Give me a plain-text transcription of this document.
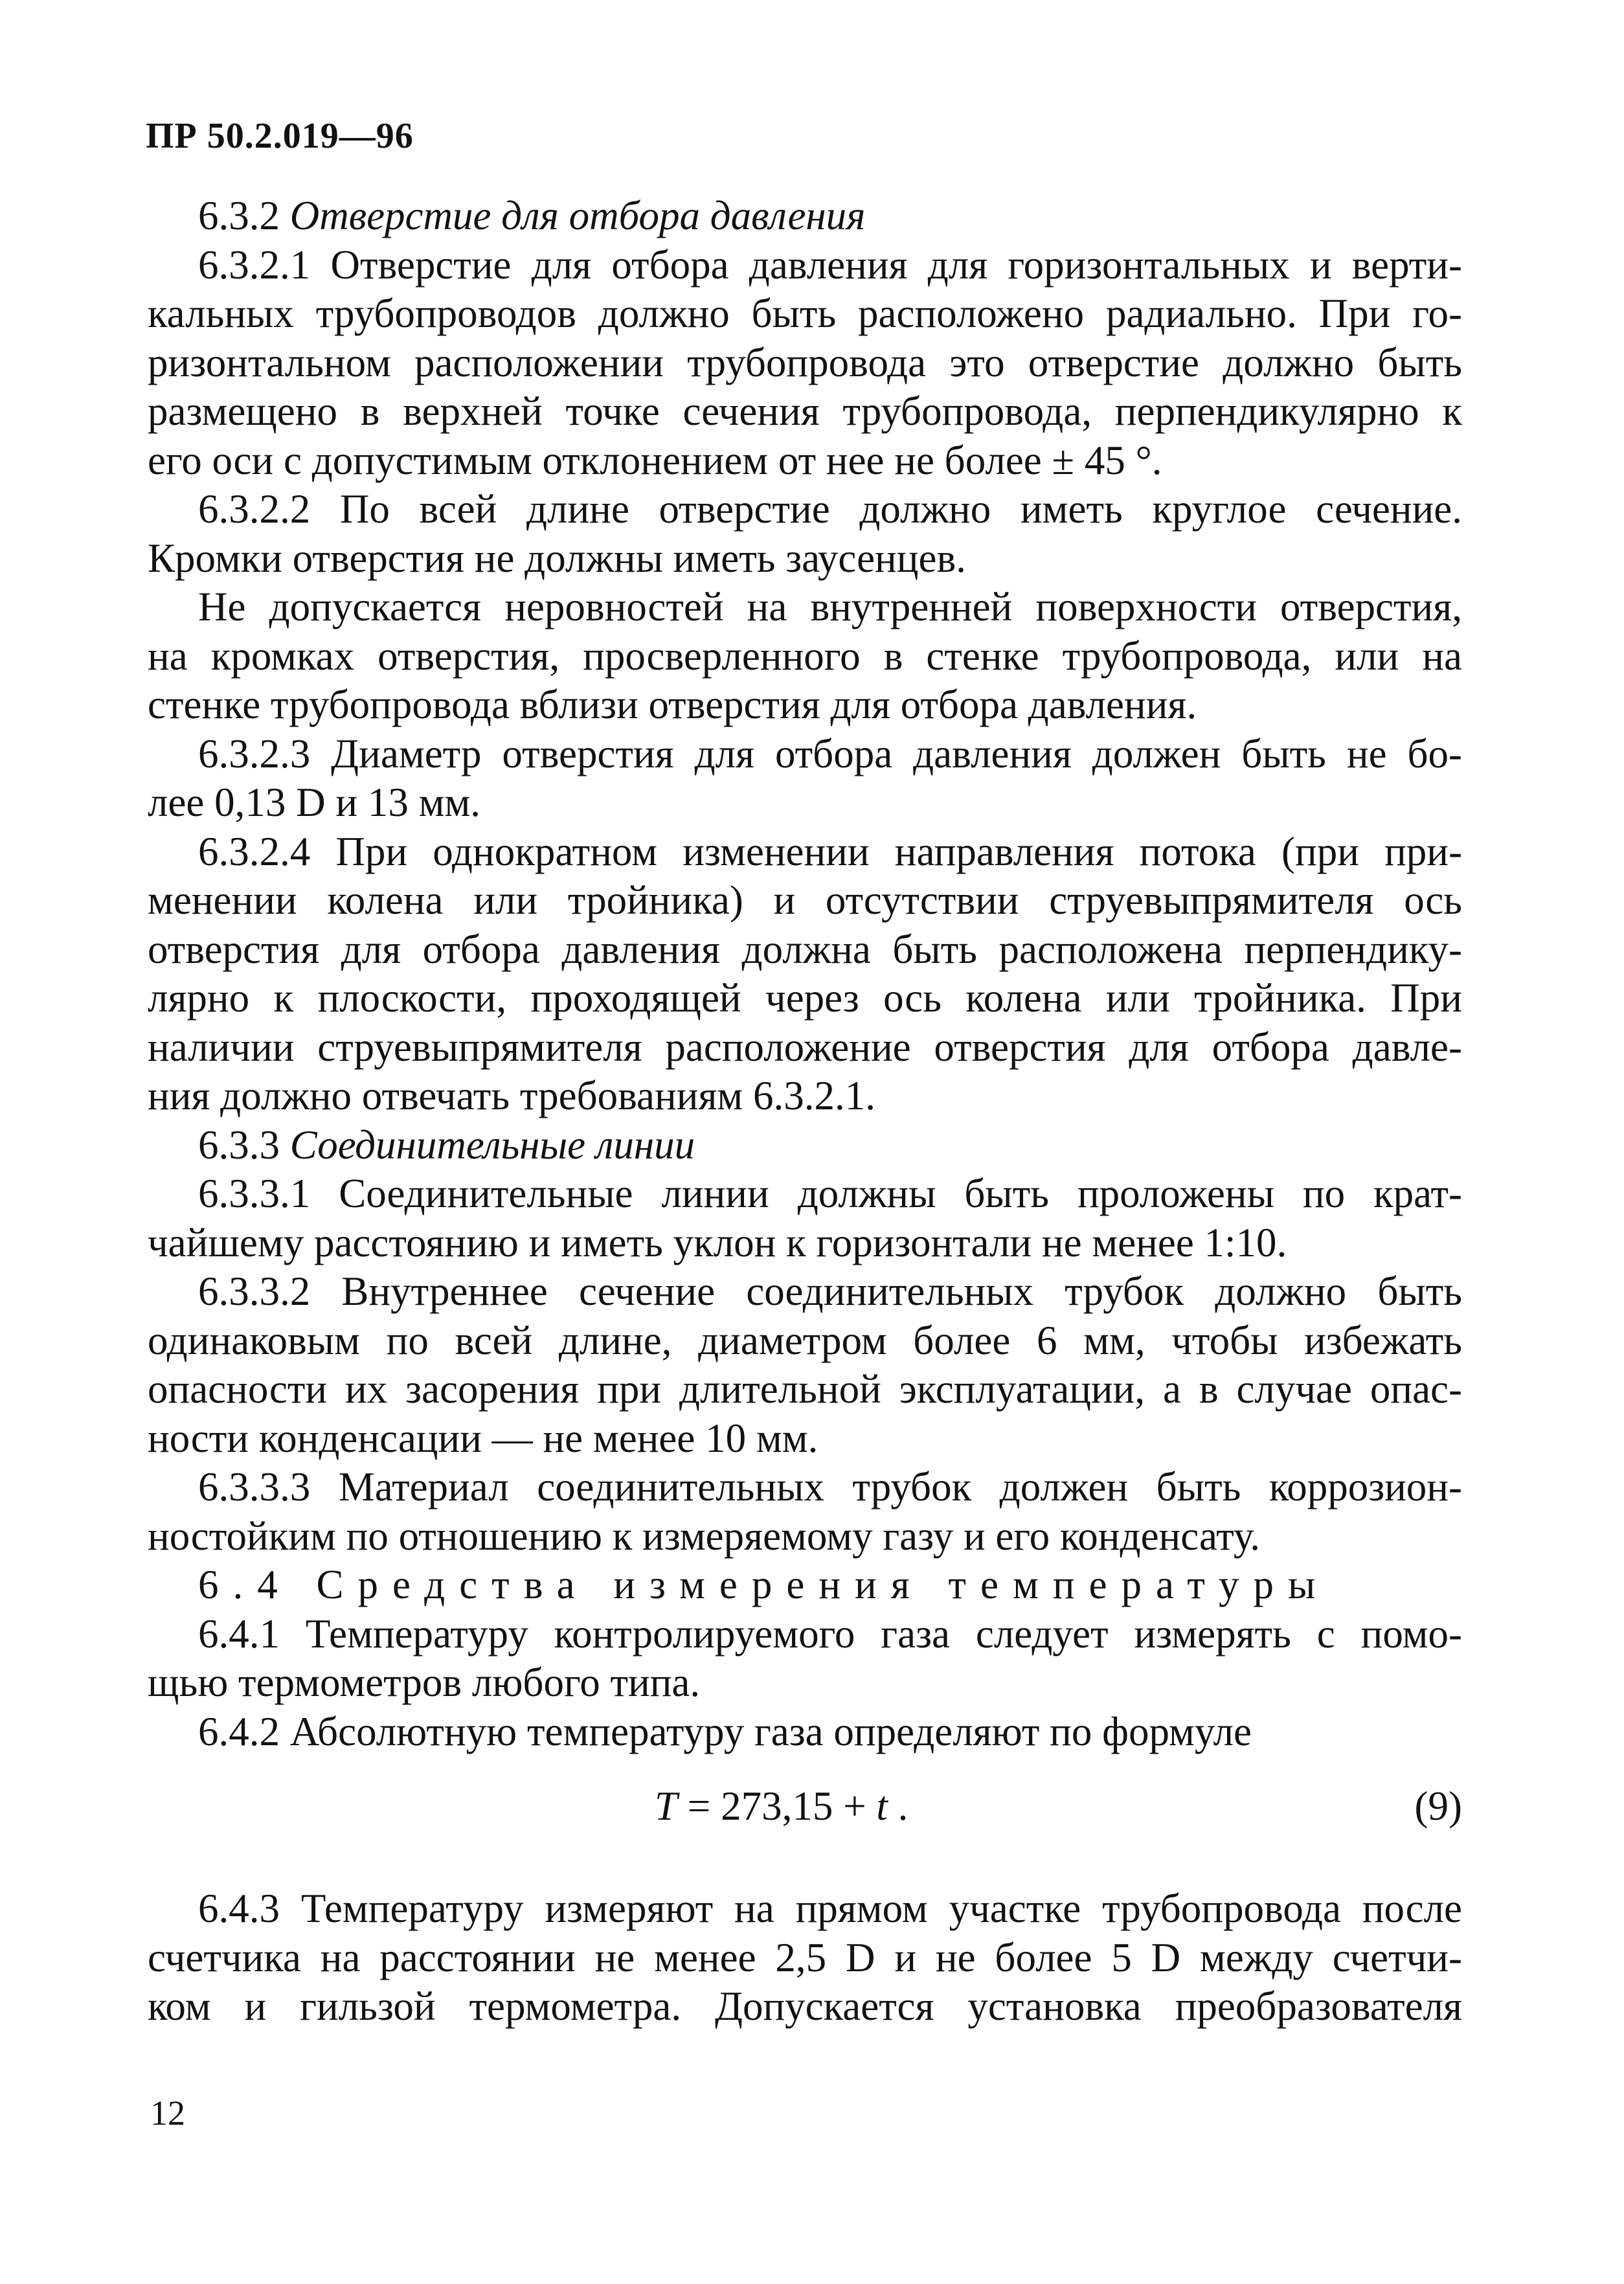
ПР 50.2.019—96

6.3.2 Отверстие для отбора давления

6.3.2.1 Отверстие для отбора давления для горизонтальных и верти-
кальных трубопроводов должно быть расположено радиально. При го-
ризонтальном расположении трубопровода это отверстие должно быть
размещено в верхней точке сечения трубопровода, перпендикулярно к
его оси с допустимым отклонением от нее не более ± 45 °.
6.3.2.2 По всей длине отверстие должно иметь круглое сечение.
Кромки отверстия не должны иметь заусенцев.
Не допускается неровностей на внутренней поверхности отверстия,
на кромках отверстия, просверленного в стенке трубопровода, или на
стенке трубопровода вблизи отверстия для отбора давления.
6.3.2.3 Диаметр отверстия для отбора давления должен быть не бо-
лее 0,13 D и 13 мм.
6.3.2.4 При однократном изменении направления потока (при при-
менении колена или тройника) и отсутствии струевыпрямителя ось
отверстия для отбора давления должна быть расположена перпендику-
лярно к плоскости, проходящей через ось колена или тройника. При
наличии струевыпрямителя расположение отверстия для отбора давле-
ния должно отвечать требованиям 6.3.2.1.

6.3.3 Соединительные линии

6.3.3.1 Соединительные линии должны быть проложены по крат-
чайшему расстоянию и иметь уклон к горизонтали не менее 1:10.
6.3.3.2 Внутреннее сечение соединительных трубок должно быть
одинаковым по всей длине, диаметром более 6 мм, чтобы избежать
опасности их засорения при длительной эксплуатации, а в случае опас-
ности конденсации — не менее 10 мм.
6.3.3.3 Материал соединительных трубок должен быть коррозион-
ностойким по отношению к измеряемому газу и его конденсату.

6.4 Средства измерения температуры

6.4.1 Температуру контролируемого газа следует измерять с помо-
щью термометров любого типа.

6.4.2 Абсолютную температуру газа определяют по формуле

T = 273,15 + t .	(9)
6.4.3 Температуру измеряют на прямом участке трубопровода после
счетчика на расстоянии не менее 2,5 D и не более 5 D между счетчи-
ком и гильзой термометра. Допускается установка преобразователя
12
